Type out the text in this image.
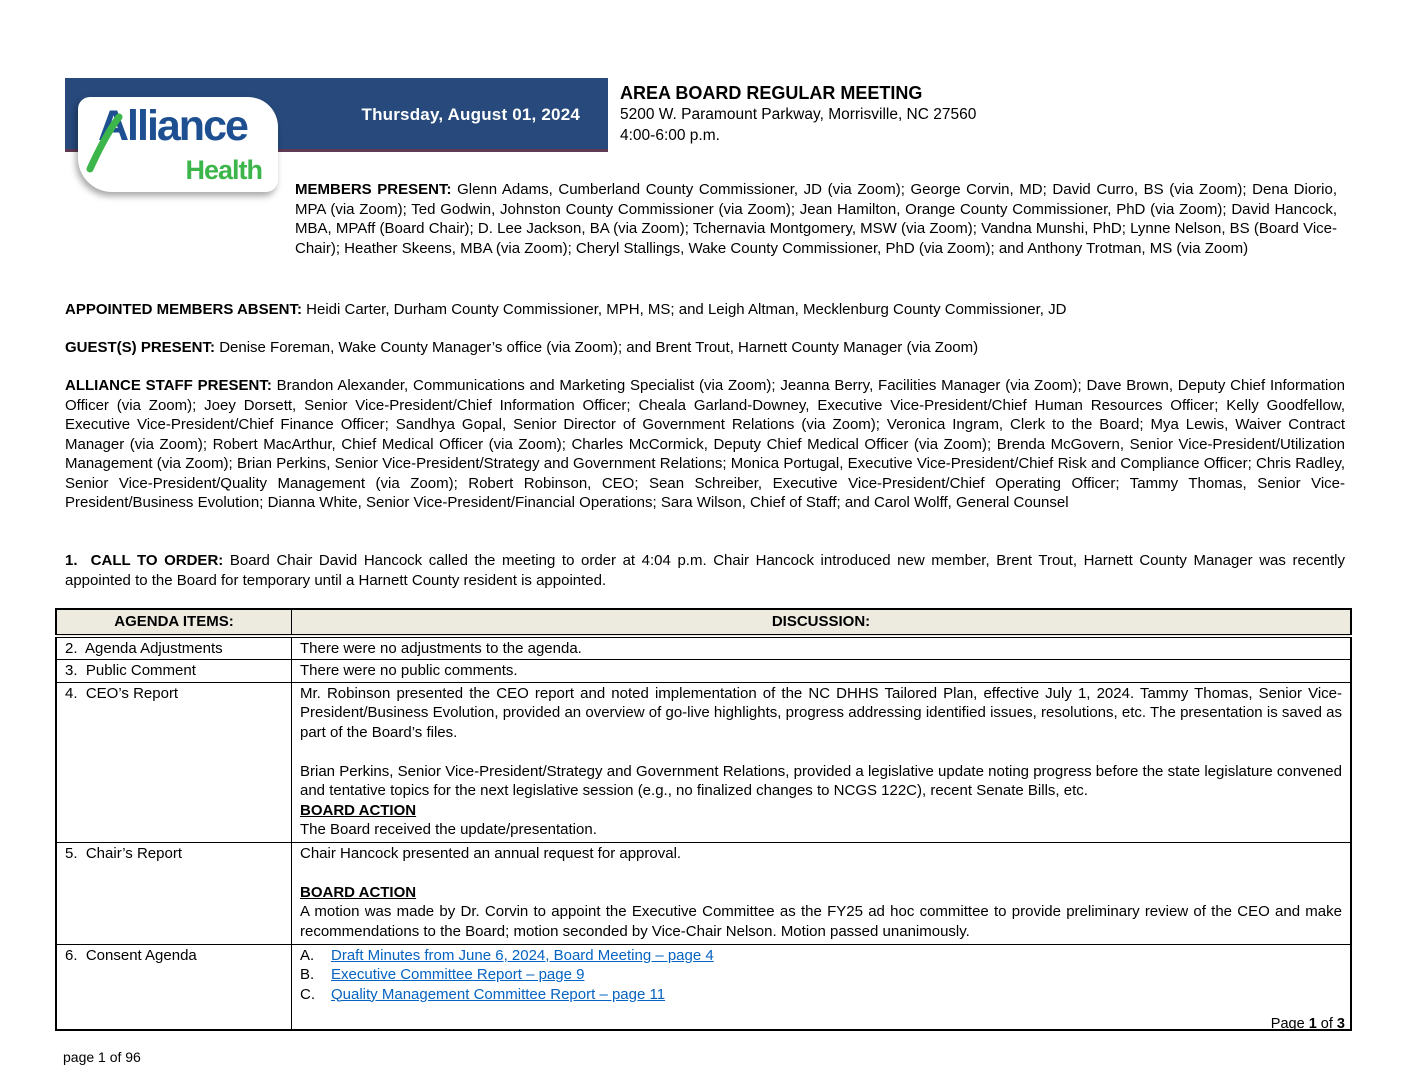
Thursday, August 01, 2024
Alliance
Health
AREA BOARD REGULAR MEETING
5200 W. Paramount Parkway, Morrisville, NC 27560
4:00-6:00 p.m.
MEMBERS PRESENT: Glenn Adams, Cumberland County Commissioner, JD (via Zoom); George Corvin, MD; David Curro, BS (via Zoom); Dena Diorio, MPA (via Zoom); Ted Godwin, Johnston County Commissioner (via Zoom); Jean Hamilton, Orange County Commissioner, PhD (via Zoom); David Hancock, MBA, MPAff (Board Chair); D. Lee Jackson, BA (via Zoom); Tchernavia Montgomery, MSW (via Zoom); Vandna Munshi, PhD; Lynne Nelson, BS (Board Vice-Chair); Heather Skeens, MBA (via Zoom); Cheryl Stallings, Wake County Commissioner, PhD (via Zoom); and Anthony Trotman, MS (via Zoom)
APPOINTED MEMBERS ABSENT: Heidi Carter, Durham County Commissioner, MPH, MS; and Leigh Altman, Mecklenburg County Commissioner, JD
GUEST(S) PRESENT: Denise Foreman, Wake County Manager’s office (via Zoom); and Brent Trout, Harnett County Manager (via Zoom)
ALLIANCE STAFF PRESENT: Brandon Alexander, Communications and Marketing Specialist (via Zoom); Jeanna Berry, Facilities Manager (via Zoom); Dave Brown, Deputy Chief Information Officer (via Zoom); Joey Dorsett, Senior Vice-President/Chief Information Officer; Cheala Garland-Downey, Executive Vice-President/Chief Human Resources Officer; Kelly Goodfellow, Executive Vice-President/Chief Finance Officer; Sandhya Gopal, Senior Director of Government Relations (via Zoom); Veronica Ingram, Clerk to the Board; Mya Lewis, Waiver Contract Manager (via Zoom); Robert MacArthur, Chief Medical Officer (via Zoom); Charles McCormick, Deputy Chief Medical Officer (via Zoom); Brenda McGovern, Senior Vice-President/Utilization Management (via Zoom); Brian Perkins, Senior Vice-President/Strategy and Government Relations; Monica Portugal, Executive Vice-President/Chief Risk and Compliance Officer; Chris Radley, Senior Vice-President/Quality Management (via Zoom); Robert Robinson, CEO; Sean Schreiber, Executive Vice-President/Chief Operating Officer; Tammy Thomas, Senior Vice-President/Business Evolution; Dianna White, Senior Vice-President/Financial Operations; Sara Wilson, Chief of Staff; and Carol Wolff, General Counsel
1.  CALL TO ORDER: Board Chair David Hancock called the meeting to order at 4:04 p.m. Chair Hancock introduced new member, Brent Trout, Harnett County Manager was recently appointed to the Board for temporary until a Harnett County resident is appointed.
AGENDA ITEMS:	DISCUSSION:
2.  Agenda Adjustments	There were no adjustments to the agenda.
3.  Public Comment	There were no public comments.
4.  CEO’s Report	Mr. Robinson presented the CEO report and noted implementation of the NC DHHS Tailored Plan, effective July 1, 2024. Tammy Thomas, Senior Vice-President/Business Evolution, provided an overview of go-live highlights, progress addressing identified issues, resolutions, etc. The presentation is saved as part of the Board’s files.

Brian Perkins, Senior Vice-President/Strategy and Government Relations, provided a legislative update noting progress before the state legislature convened and tentative topics for the next legislative session (e.g., no finalized changes to NCGS 122C), recent Senate Bills, etc.

BOARD ACTION

The Board received the update/presentation.

5.  Chair’s Report	Chair Hancock presented an annual request for approval.

BOARD ACTION

A motion was made by Dr. Corvin to appoint the Executive Committee as the FY25 ad hoc committee to provide preliminary review of the CEO and make recommendations to the Board; motion seconded by Vice-Chair Nelson. Motion passed unanimously.

6.  Consent Agenda	A.	Draft Minutes from June 6, 2024, Board Meeting – page 4
B.	Executive Committee Report – page 9
C.	Quality Management Committee Report – page 11
Page 1 of 3
page 1 of 96
